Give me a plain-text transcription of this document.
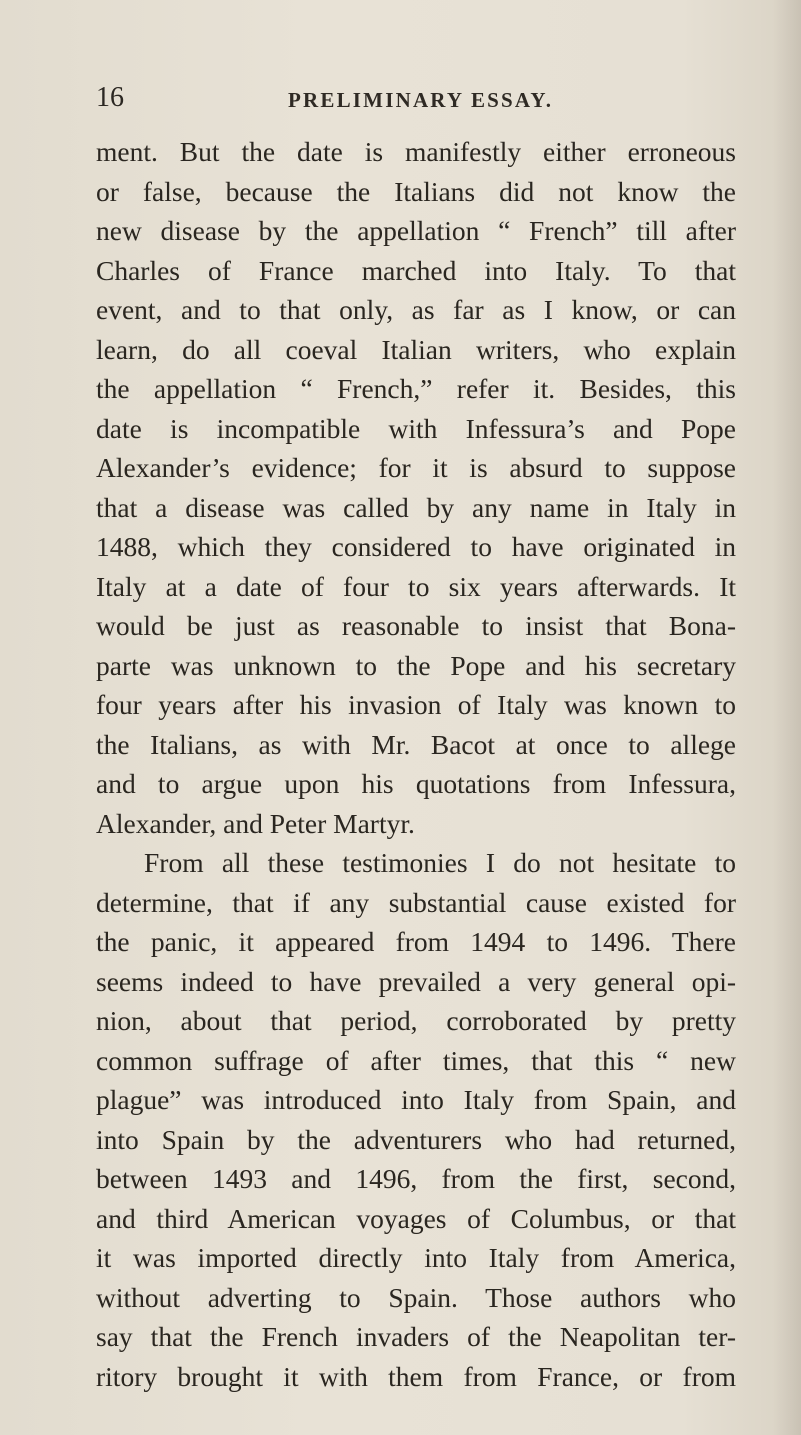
16	PRELIMINARY ESSAY.
ment. But the date is manifestly either erroneous
or false, because the Italians did not know the
new disease by the appellation “ French” till after
Charles of France marched into Italy. To that
event, and to that only, as far as I know, or can
learn, do all coeval Italian writers, who explain
the appellation “ French,” refer it. Besides, this
date is incompatible with Infessura’s and Pope
Alexander’s evidence; for it is absurd to suppose
that a disease was called by any name in Italy in
1488, which they considered to have originated in
Italy at a date of four to six years afterwards. It
would be just as reasonable to insist that Bona-
parte was unknown to the Pope and his secretary
four years after his invasion of Italy was known to
the Italians, as with Mr. Bacot at once to allege
and to argue upon his quotations from Infessura,
Alexander, and Peter Martyr.
From all these testimonies I do not hesitate to
determine, that if any substantial cause existed for
the panic, it appeared from 1494 to 1496. There
seems indeed to have prevailed a very general opi-
nion, about that period, corroborated by pretty
common suffrage of after times, that this “ new
plague” was introduced into Italy from Spain, and
into Spain by the adventurers who had returned,
between 1493 and 1496, from the first, second,
and third American voyages of Columbus, or that
it was imported directly into Italy from America,
without adverting to Spain. Those authors who
say that the French invaders of the Neapolitan ter-
ritory brought it with them from France, or from
